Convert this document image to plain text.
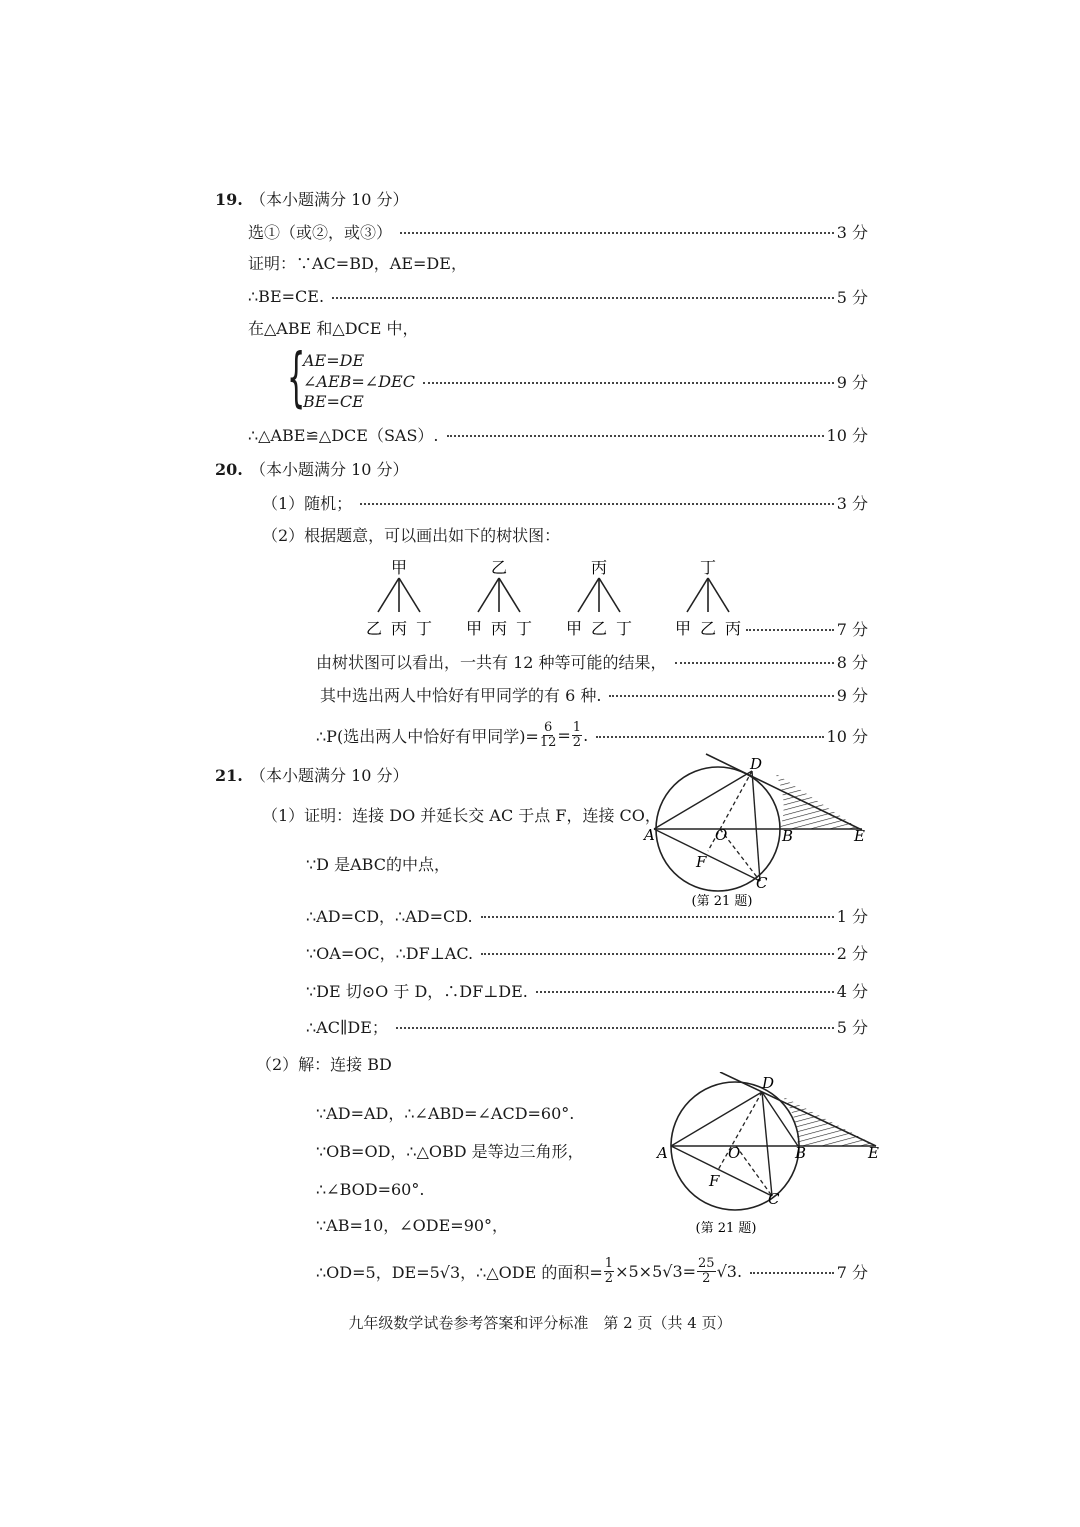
19. （本小题满分 10 分）
选①（或②，或③）	3 分
证明：∵AC=BD，AE=DE，
∴BE=CE.	5 分
在△ABE 和△DCE 中，
{
AE=DE
∠AEB=∠DEC	9 分
BE=CE
∴△ABE≌△DCE（SAS）.	10 分
20. （本小题满分 10 分）
（1）随机；	3 分
（2）根据题意，可以画出如下的树状图：
甲
乙 丙 丁
乙
甲 丙 丁
丙
甲 乙 丁
丁
甲 乙 丙	7 分
由树状图可以看出，一共有 12 种等可能的结果，	8 分
其中选出两人中恰好有甲同学的有 6 种.	9 分
∴P(选出两人中恰好有甲同学)= $\frac{6}{12} = \frac{1}{2}$ .	10 分
21. （本小题满分 10 分）
（1）证明：连接 DO 并延长交 AC 于点 F，连接 CO，
∵D 是ABC的中点，
∴AD=CD，∴AD=CD.	1 分
∵OA=OC，∴DF⊥AC.	2 分
∵DE 切⊙O 于 D，∴DF⊥DE.	4 分
∴AC∥DE；	5 分
（2）解：连接 BD
∵AD=AD，∴∠ABD=∠ACD=60°.
∵OB=OD，∴△OBD 是等边三角形，
∴∠BOD=60°.
∵AB=10，∠ODE=90°，
∴OD=5，DE=5√3，∴△ODE 的面积= $\frac{1}{2} \times 5\times 5√3= \frac{25}{2} √3$.	7 分
D
A	B	E
C
F
O
(第 21 题)
D
A	B	E
C
F
O
(第 21 题)
九年级数学试卷参考答案和评分标准　第 2 页（共 4 页）
